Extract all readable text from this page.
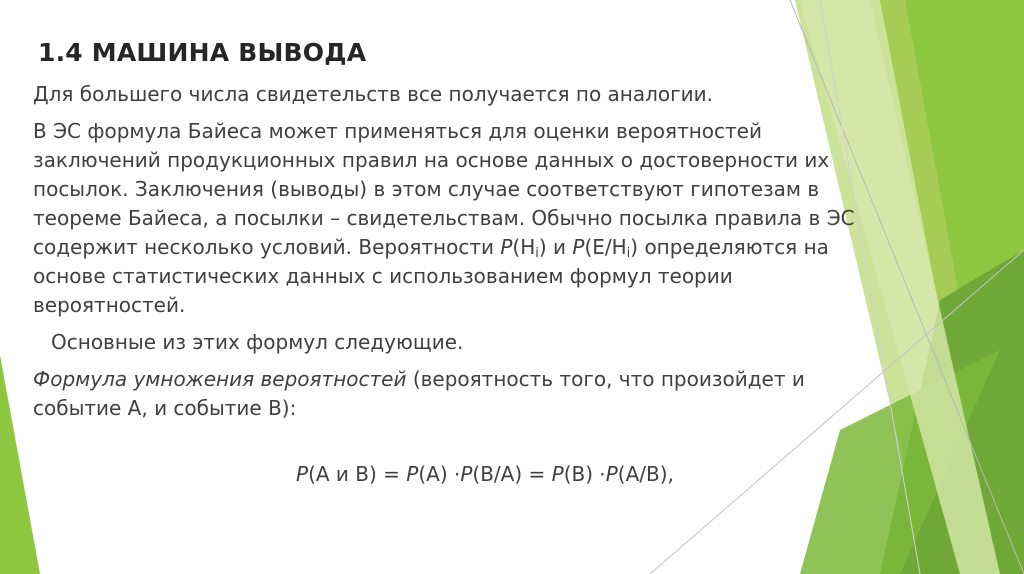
1.4 МАШИНА ВЫВОДА
Для большего числа свидетельств все получается по аналогии.
В ЭС формула Байеса может применяться для оценки вероятностей
заключений продукционных правил на основе данных о достоверности их
посылок. Заключения (выводы) в этом случае соответствуют гипотезам в
теореме Байеса, а посылки – свидетельствам. Обычно посылка правила в ЭС
содержит несколько условий. Вероятности $P(H_i)$ и $P(E/H_i)$ определяются на
основе статистических данных с использованием формул теории
вероятностей.
Основные из этих формул следующие.
Формула умножения вероятностей (вероятность того, что произойдет и
событие А, и событие В):
P(А и В) = P(А) ⋅P(В/А) = P(В) ⋅P(А/В),
